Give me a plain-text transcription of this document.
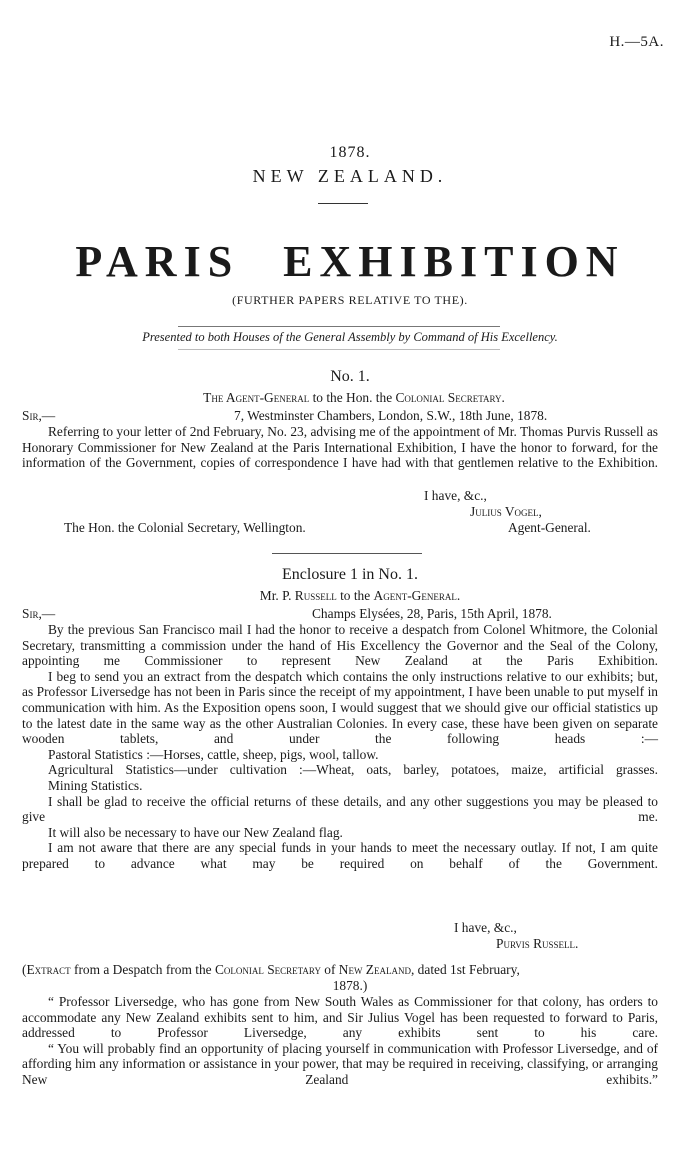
H.—5A.
1878.
NEW ZEALAND.
PARIS EXHIBITION
(FURTHER PAPERS RELATIVE TO THE).
Presented to both Houses of the General Assembly by Command of His Excellency.
No. 1.
The Agent-General to the Hon. the Colonial Secretary.
Sir,—	7, Westminster Chambers, London, S.W., 18th June, 1878.

Referring to your letter of 2nd February, No. 23, advising me of the appointment of Mr. Thomas Purvis Russell as Honorary Commissioner for New Zealand at the Paris International Exhibition, I have the honor to forward, for the information of the Government, copies of correspondence I have had with that gentlemen relative to the Exhibition.

I have, &c.,
Julius Vogel,
The Hon. the Colonial Secretary, Wellington.	Agent-General.
Enclosure 1 in No. 1.
Mr. P. Russell to the Agent-General.
Sir,—	Champs Elysées, 28, Paris, 15th April, 1878.

By the previous San Francisco mail I had the honor to receive a despatch from Colonel Whitmore, the Colonial Secretary, transmitting a commission under the hand of His Excellency the Governor and the Seal of the Colony, appointing me Commissioner to represent New Zealand at the Paris Exhibition.

I beg to send you an extract from the despatch which contains the only instructions relative to our exhibits; but, as Professor Liversedge has not been in Paris since the receipt of my appointment, I have been unable to put myself in communication with him. As the Exposition opens soon, I would suggest that we should give our official statistics up to the latest date in the same way as the other Australian Colonies. In every case, these have been given on separate wooden tablets, and under the following heads :—

Pastoral Statistics :—Horses, cattle, sheep, pigs, wool, tallow.

Agricultural Statistics—under cultivation :—Wheat, oats, barley, potatoes, maize, artificial grasses.

Mining Statistics.

I shall be glad to receive the official returns of these details, and any other suggestions you may be pleased to give me.

It will also be necessary to have our New Zealand flag.

I am not aware that there are any special funds in your hands to meet the necessary outlay. If not, I am quite prepared to advance what may be required on behalf of the Government.

I have, &c.,
Purvis Russell.
(Extract from a Despatch from the Colonial Secretary of New Zealand, dated 1st February,
1878.)

“ Professor Liversedge, who has gone from New South Wales as Commissioner for that colony, has orders to accommodate any New Zealand exhibits sent to him, and Sir Julius Vogel has been requested to forward to Paris, addressed to Professor Liversedge, any exhibits sent to his care.

“ You will probably find an opportunity of placing yourself in communication with Professor Liversedge, and of affording him any information or assistance in your power, that may be required in receiving, classifying, or arranging New Zealand exhibits.”
